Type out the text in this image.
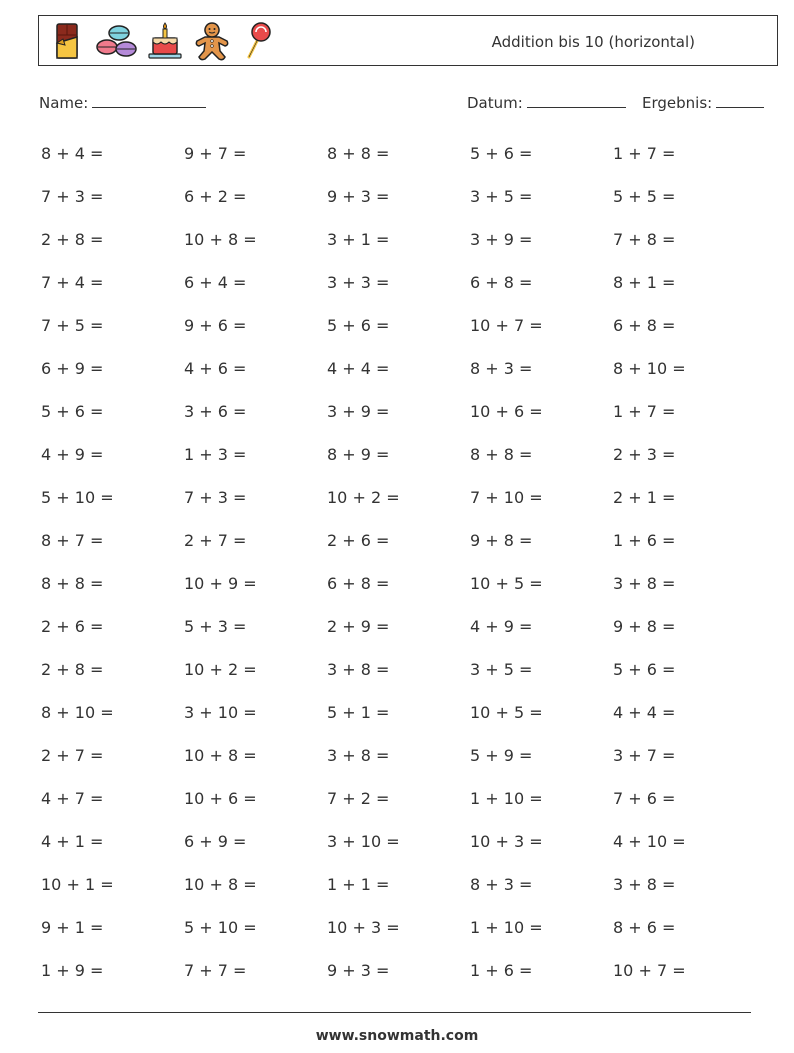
Addition bis 10 (horizontal)
Name:	Datum:	Ergebnis:
8 + 4 =	9 + 7 =	8 + 8 =	5 + 6 =	1 + 7 =
7 + 3 =	6 + 2 =	9 + 3 =	3 + 5 =	5 + 5 =
2 + 8 =	10 + 8 =	3 + 1 =	3 + 9 =	7 + 8 =
7 + 4 =	6 + 4 =	3 + 3 =	6 + 8 =	8 + 1 =
7 + 5 =	9 + 6 =	5 + 6 =	10 + 7 =	6 + 8 =
6 + 9 =	4 + 6 =	4 + 4 =	8 + 3 =	8 + 10 =
5 + 6 =	3 + 6 =	3 + 9 =	10 + 6 =	1 + 7 =
4 + 9 =	1 + 3 =	8 + 9 =	8 + 8 =	2 + 3 =
5 + 10 =	7 + 3 =	10 + 2 =	7 + 10 =	2 + 1 =
8 + 7 =	2 + 7 =	2 + 6 =	9 + 8 =	1 + 6 =
8 + 8 =	10 + 9 =	6 + 8 =	10 + 5 =	3 + 8 =
2 + 6 =	5 + 3 =	2 + 9 =	4 + 9 =	9 + 8 =
2 + 8 =	10 + 2 =	3 + 8 =	3 + 5 =	5 + 6 =
8 + 10 =	3 + 10 =	5 + 1 =	10 + 5 =	4 + 4 =
2 + 7 =	10 + 8 =	3 + 8 =	5 + 9 =	3 + 7 =
4 + 7 =	10 + 6 =	7 + 2 =	1 + 10 =	7 + 6 =
4 + 1 =	6 + 9 =	3 + 10 =	10 + 3 =	4 + 10 =
10 + 1 =	10 + 8 =	1 + 1 =	8 + 3 =	3 + 8 =
9 + 1 =	5 + 10 =	10 + 3 =	1 + 10 =	8 + 6 =
1 + 9 =	7 + 7 =	9 + 3 =	1 + 6 =	10 + 7 =
www.snowmath.com
